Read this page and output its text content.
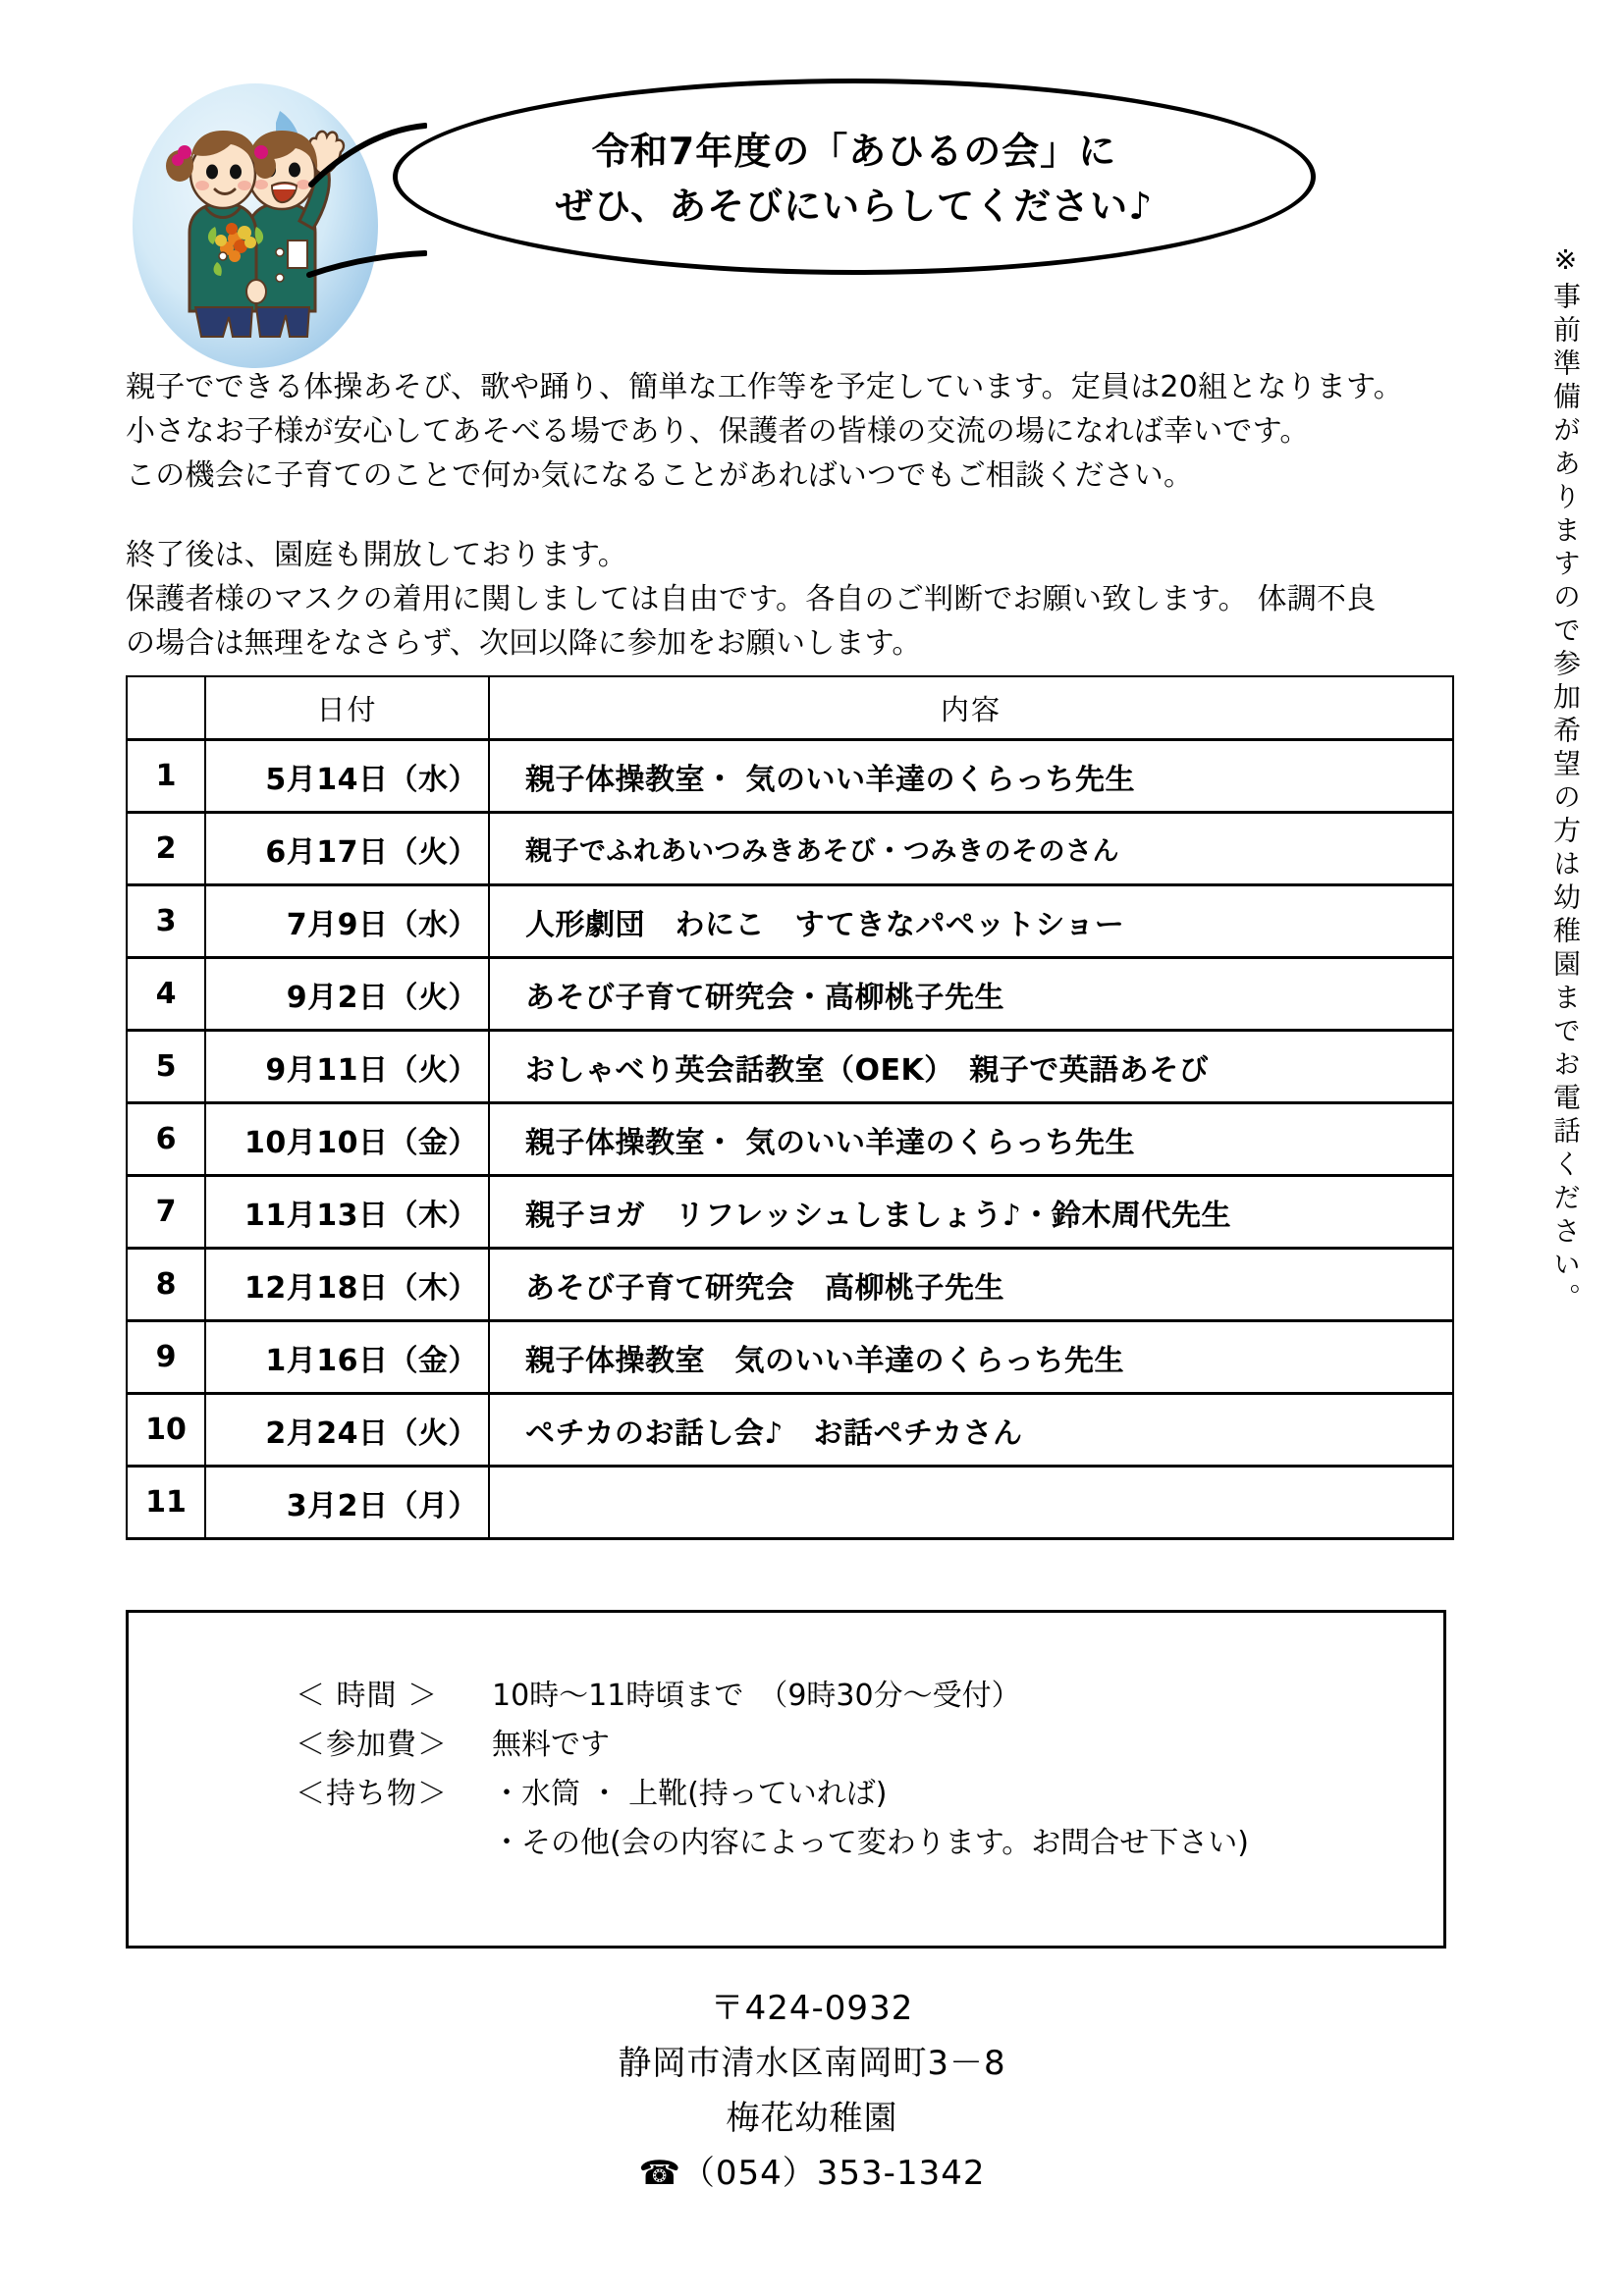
令和7年度の「あひるの会」に
ぜひ、あそびにいらしてください♪
※事前準備がありますので参加希望の方は幼稚園までお電話ください。
親子でできる体操あそび、歌や踊り、簡単な工作等を予定しています。定員は20組となります。
小さなお子様が安心してあそべる場であり、保護者の皆様の交流の場になれば幸いです。
この機会に子育てのことで何か気になることがあればいつでもご相談ください。
終了後は、園庭も開放しております。
保護者様のマスクの着用に関しましては自由です。各自のご判断でお願い致します。 体調不良
の場合は無理をなさらず、次回以降に参加をお願いします。
	日付	内容
1	5月14日（水）	親子体操教室・ 気のいい羊達のくらっち先生
2	6月17日（火）	親子でふれあいつみきあそび・つみきのそのさん
3	7月9日（水）	人形劇団　わにこ　すてきなパペットショー
4	9月2日（火）	あそび子育て研究会・高柳桃子先生
5	9月11日（火）	おしゃべり英会話教室（OEK）　親子で英語あそび
6	10月10日（金）	親子体操教室・ 気のいい羊達のくらっち先生
7	11月13日（木）	親子ヨガ　リフレッシュしましょう♪・鈴木周代先生
8	12月18日（木）	あそび子育て研究会　高柳桃子先生
9	1月16日（金）	親子体操教室　気のいい羊達のくらっち先生
10	2月24日（火）	ペチカのお話し会♪　お話ペチカさん
11	3月2日（月）	
＜ 時間 ＞	10時～11時頃まで　（9時30分～受付）
＜参加費＞	無料です
＜持ち物＞	・水筒 ・ 上靴(持っていれば)
・その他(会の内容によって変わります。お問合せ下さい)
〒424-0932
静岡市清水区南岡町3－8
梅花幼稚園
☎（054）353-1342
